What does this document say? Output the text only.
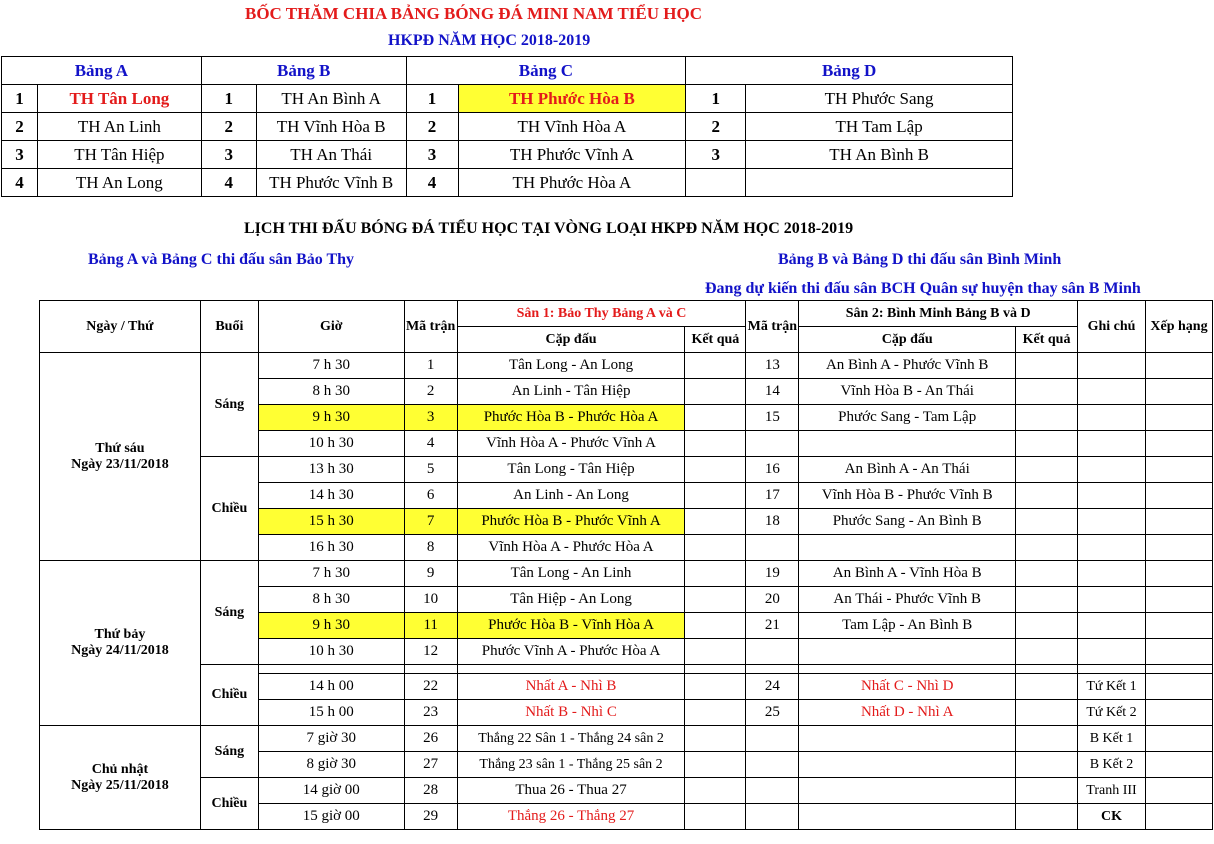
BỐC THĂM CHIA BẢNG BÓNG ĐÁ MINI NAM TIỂU HỌC
HKPĐ NĂM HỌC 2018-2019
Bảng A		Bảng B		Bảng C		Bảng D	
1	TH Tân Long	1	TH An Bình A	1	TH Phước Hòa B	1	TH Phước Sang
2	TH An Linh	2	TH Vĩnh Hòa B	2	TH Vĩnh Hòa A	2	TH Tam Lập
3	TH Tân Hiệp	3	TH An Thái	3	TH Phước Vĩnh A	3	TH An Bình B
4	TH An Long	4	TH Phước Vĩnh B	4	TH Phước Hòa A		
LỊCH THI ĐẤU BÓNG ĐÁ TIỂU HỌC TẠI VÒNG LOẠI HKPĐ NĂM HỌC 2018-2019
Bảng A và Bảng C thi đấu sân Bảo Thy	Bảng B và Bảng D thi đấu sân Bình Minh
Đang dự kiến thi đấu sân BCH Quân sự huyện thay sân B Minh
Ngày / Thứ	Buổi	Giờ	Mã trận	Sân 1: Bảo Thy Bảng A và C		Mã trận	Sân 2: Bình Minh Bảng B và D		Ghi chú	Xếp hạng
				Cặp đấu	Kết quả		Cặp đấu	Kết quả		

Thứ sáu
Ngày 23/11/2018	Sáng	7 h 30	1	Tân Long - An Long		13	An Bình A - Phước Vĩnh B			
		8 h 30	2	An Linh - Tân Hiệp		14	Vĩnh Hòa B - An Thái			
		9 h 30	3	Phước Hòa B - Phước Hòa A		15	Phước Sang - Tam Lập			
		10 h 30	4	Vĩnh Hòa A - Phước Vĩnh A						
	Chiều	13 h 30	5	Tân Long - Tân Hiệp		16	An Bình A - An Thái			
		14 h 30	6	An Linh - An Long		17	Vĩnh Hòa B - Phước Vĩnh B			
		15 h 30	7	Phước Hòa B - Phước Vĩnh A		18	Phước Sang - An Bình B			
		16 h 30	8	Vĩnh Hòa A - Phước Hòa A						

Thứ bảy
Ngày 24/11/2018	Sáng	7 h 30	9	Tân Long - An Linh		19	An Bình A - Vĩnh Hòa B			
		8 h 30	10	Tân Hiệp - An Long		20	An Thái - Phước Vĩnh B			
		9 h 30	11	Phước Hòa B - Vĩnh Hòa A		21	Tam Lập - An Bình B			
		10 h 30	12	Phước Vĩnh A - Phước Hòa A						
	Chiều									
		14 h 00	22	Nhất A - Nhì B		24	Nhất C - Nhì D		Tứ Kết 1	
		15 h 00	23	Nhất B - Nhì C		25	Nhất D - Nhì A		Tứ Kết 2	

Chủ nhật
Ngày 25/11/2018	Sáng	7 giờ 30	26	Thắng 22 Sân 1 - Thắng 24 sân 2					B Kết 1	
		8 giờ 30	27	Thắng 23 sân 1 - Thắng 25 sân 2					B Kết 2	
	Chiều	14 giờ 00	28	Thua 26 - Thua 27					Tranh III	
		15 giờ 00	29	Thắng 26 - Thắng 27					CK	
